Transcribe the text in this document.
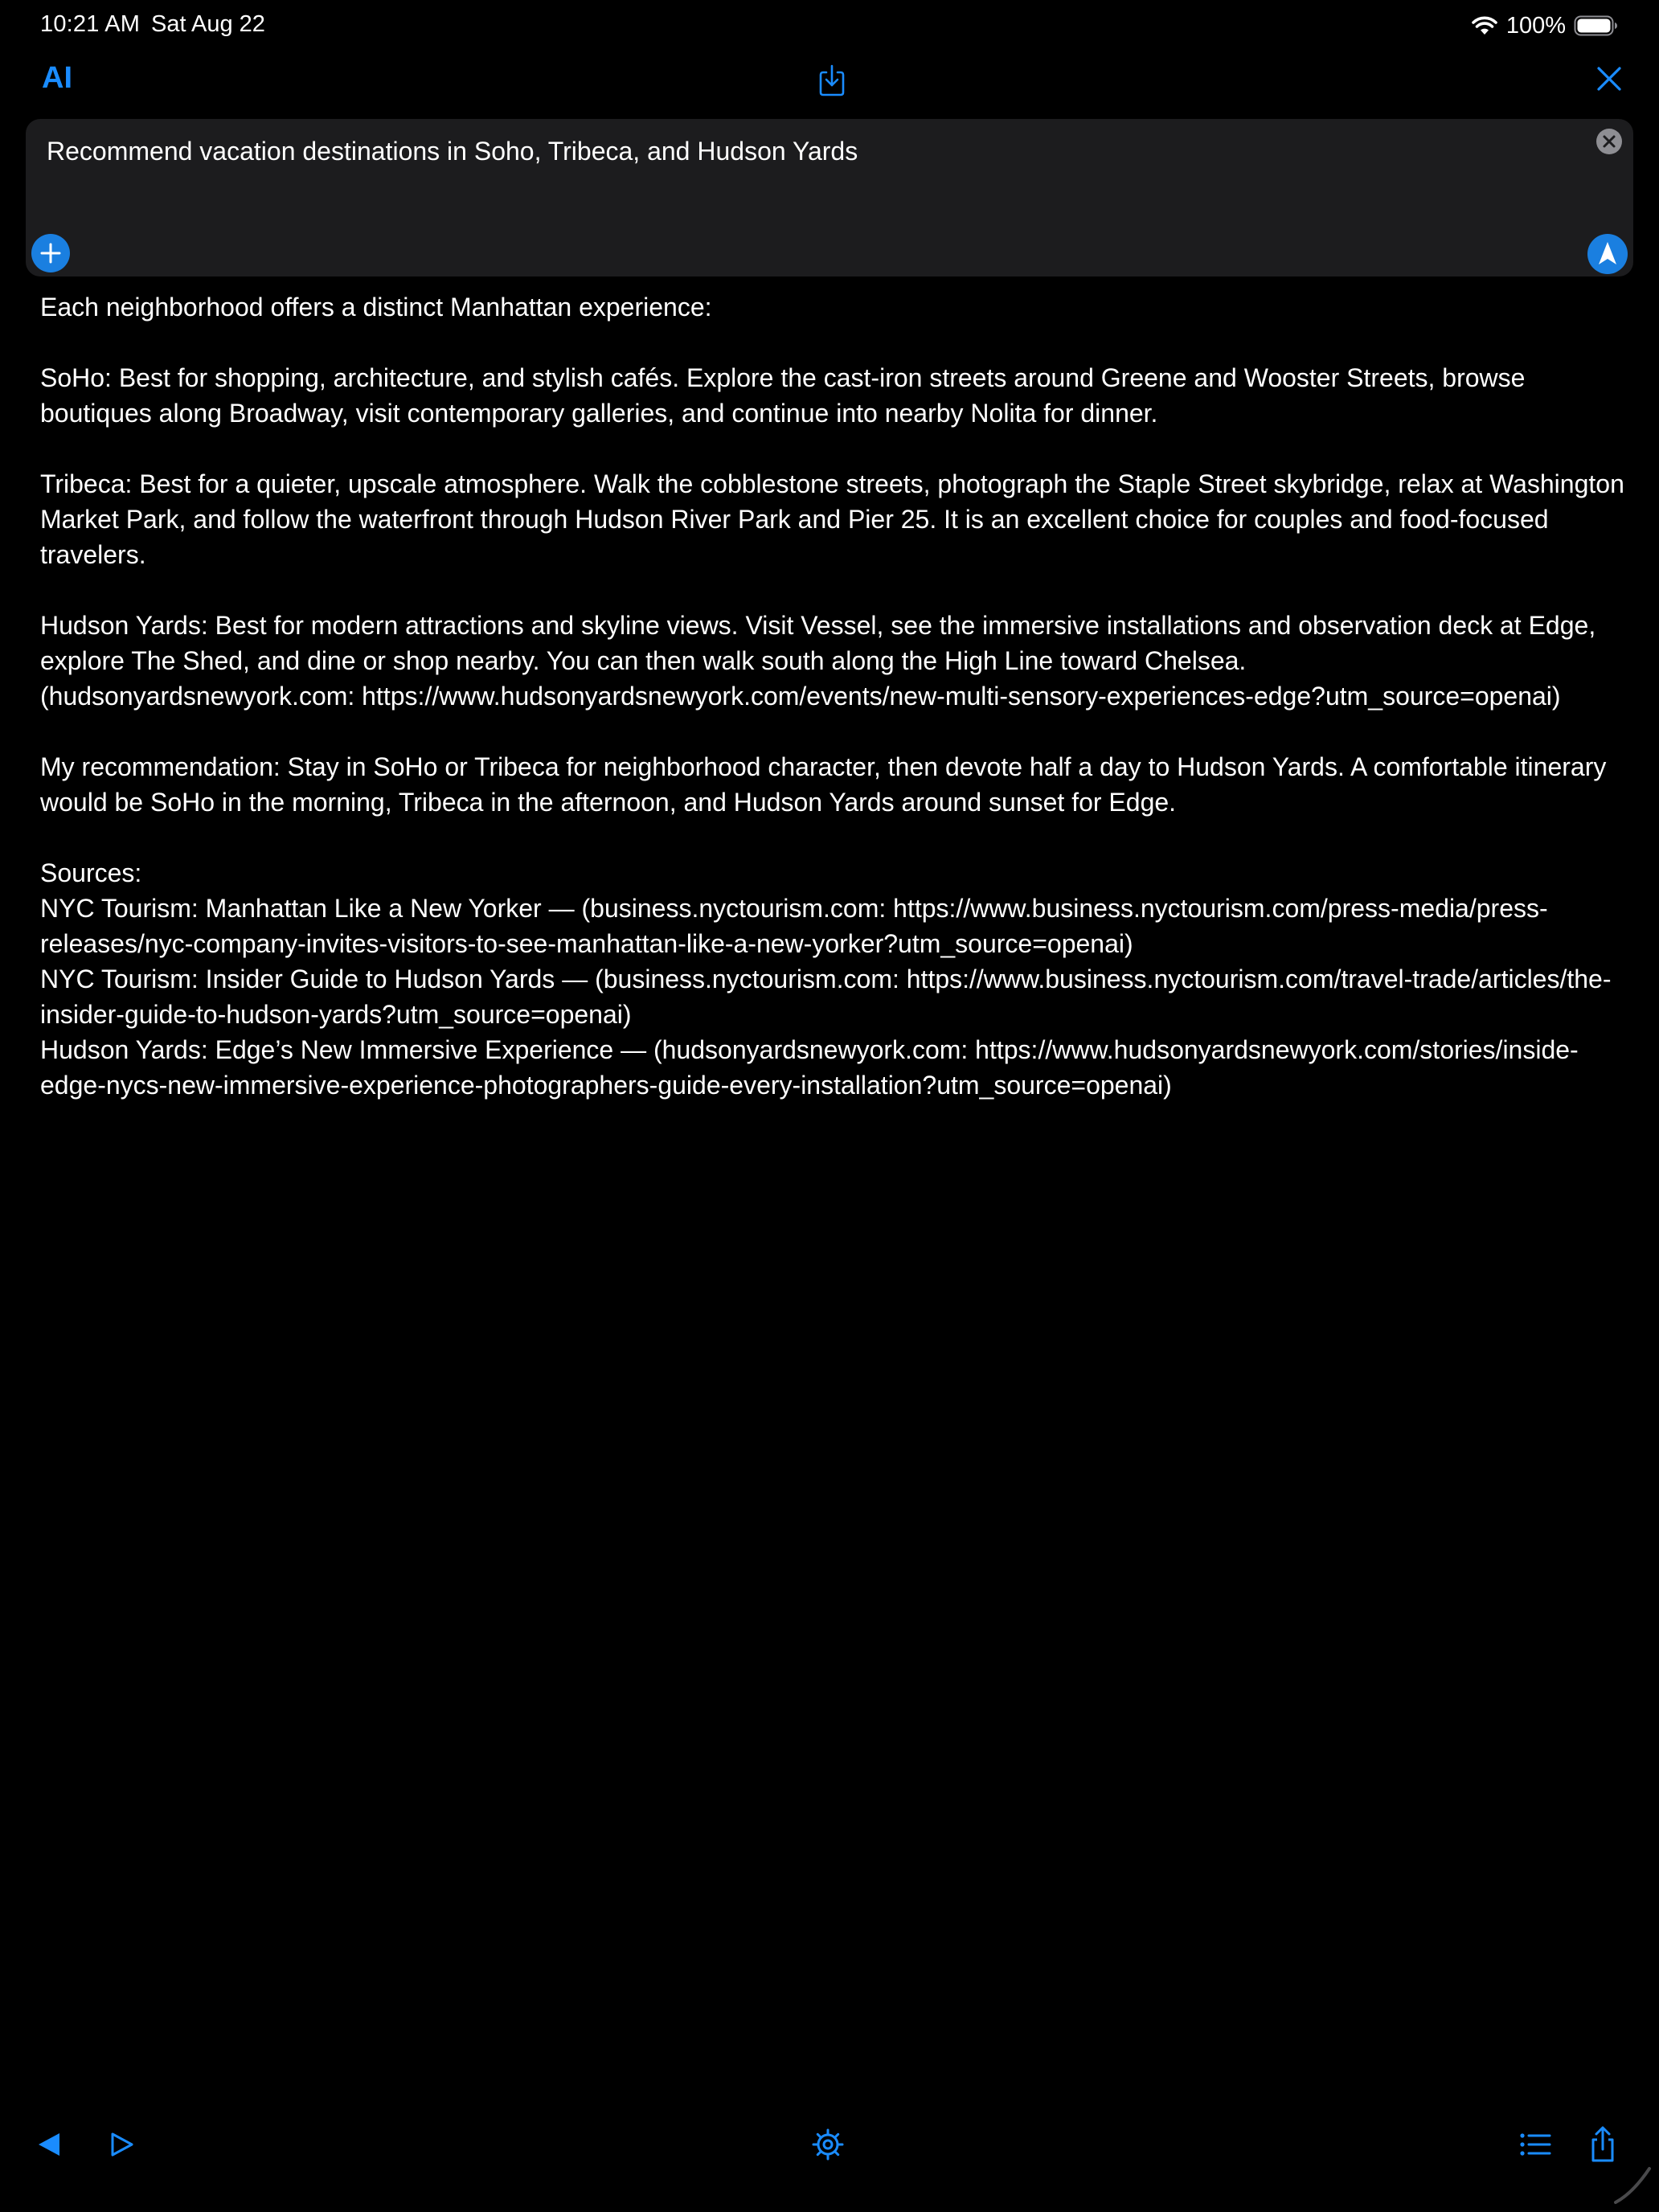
10:21 AM Sat Aug 22	100%
AI
Recommend vacation destinations in Soho, Tribeca, and Hudson Yards

Each neighborhood offers a distinct Manhattan experience:

SoHo: Best for shopping, architecture, and stylish cafés. Explore the cast-iron streets around Greene and Wooster Streets, browse boutiques along Broadway, visit contemporary galleries, and continue into nearby Nolita for dinner.

Tribeca: Best for a quieter, upscale atmosphere. Walk the cobblestone streets, photograph the Staple Street skybridge, relax at Washington Market Park, and follow the waterfront through Hudson River Park and Pier 25. It is an excellent choice for couples and food-focused travelers.

Hudson Yards: Best for modern attractions and skyline views. Visit Vessel, see the immersive installations and observation deck at Edge, explore The Shed, and dine or shop nearby. You can then walk south along the High Line toward Chelsea.
(hudsonyardsnewyork.com: https://www.hudsonyardsnewyork.com/events/new-multi-sensory-experiences-edge?utm_source=openai)

My recommendation: Stay in SoHo or Tribeca for neighborhood character, then devote half a day to Hudson Yards. A comfortable itinerary would be SoHo in the morning, Tribeca in the afternoon, and Hudson Yards around sunset for Edge.

Sources:

NYC Tourism: Manhattan Like a New Yorker — (business.nyctourism.com: https://www.business.nyctourism.com/press-media/press-releases/nyc-company-invites-visitors-to-see-manhattan-like-a-new-yorker?utm_source=openai)

NYC Tourism: Insider Guide to Hudson Yards — (business.nyctourism.com: https://www.business.nyctourism.com/travel-trade/articles/the-insider-guide-to-hudson-yards?utm_source=openai)

Hudson Yards: Edge’s New Immersive Experience — (hudsonyardsnewyork.com: https://www.hudsonyardsnewyork.com/stories/inside-edge-nycs-new-immersive-experience-photographers-guide-every-installation?utm_source=openai)
